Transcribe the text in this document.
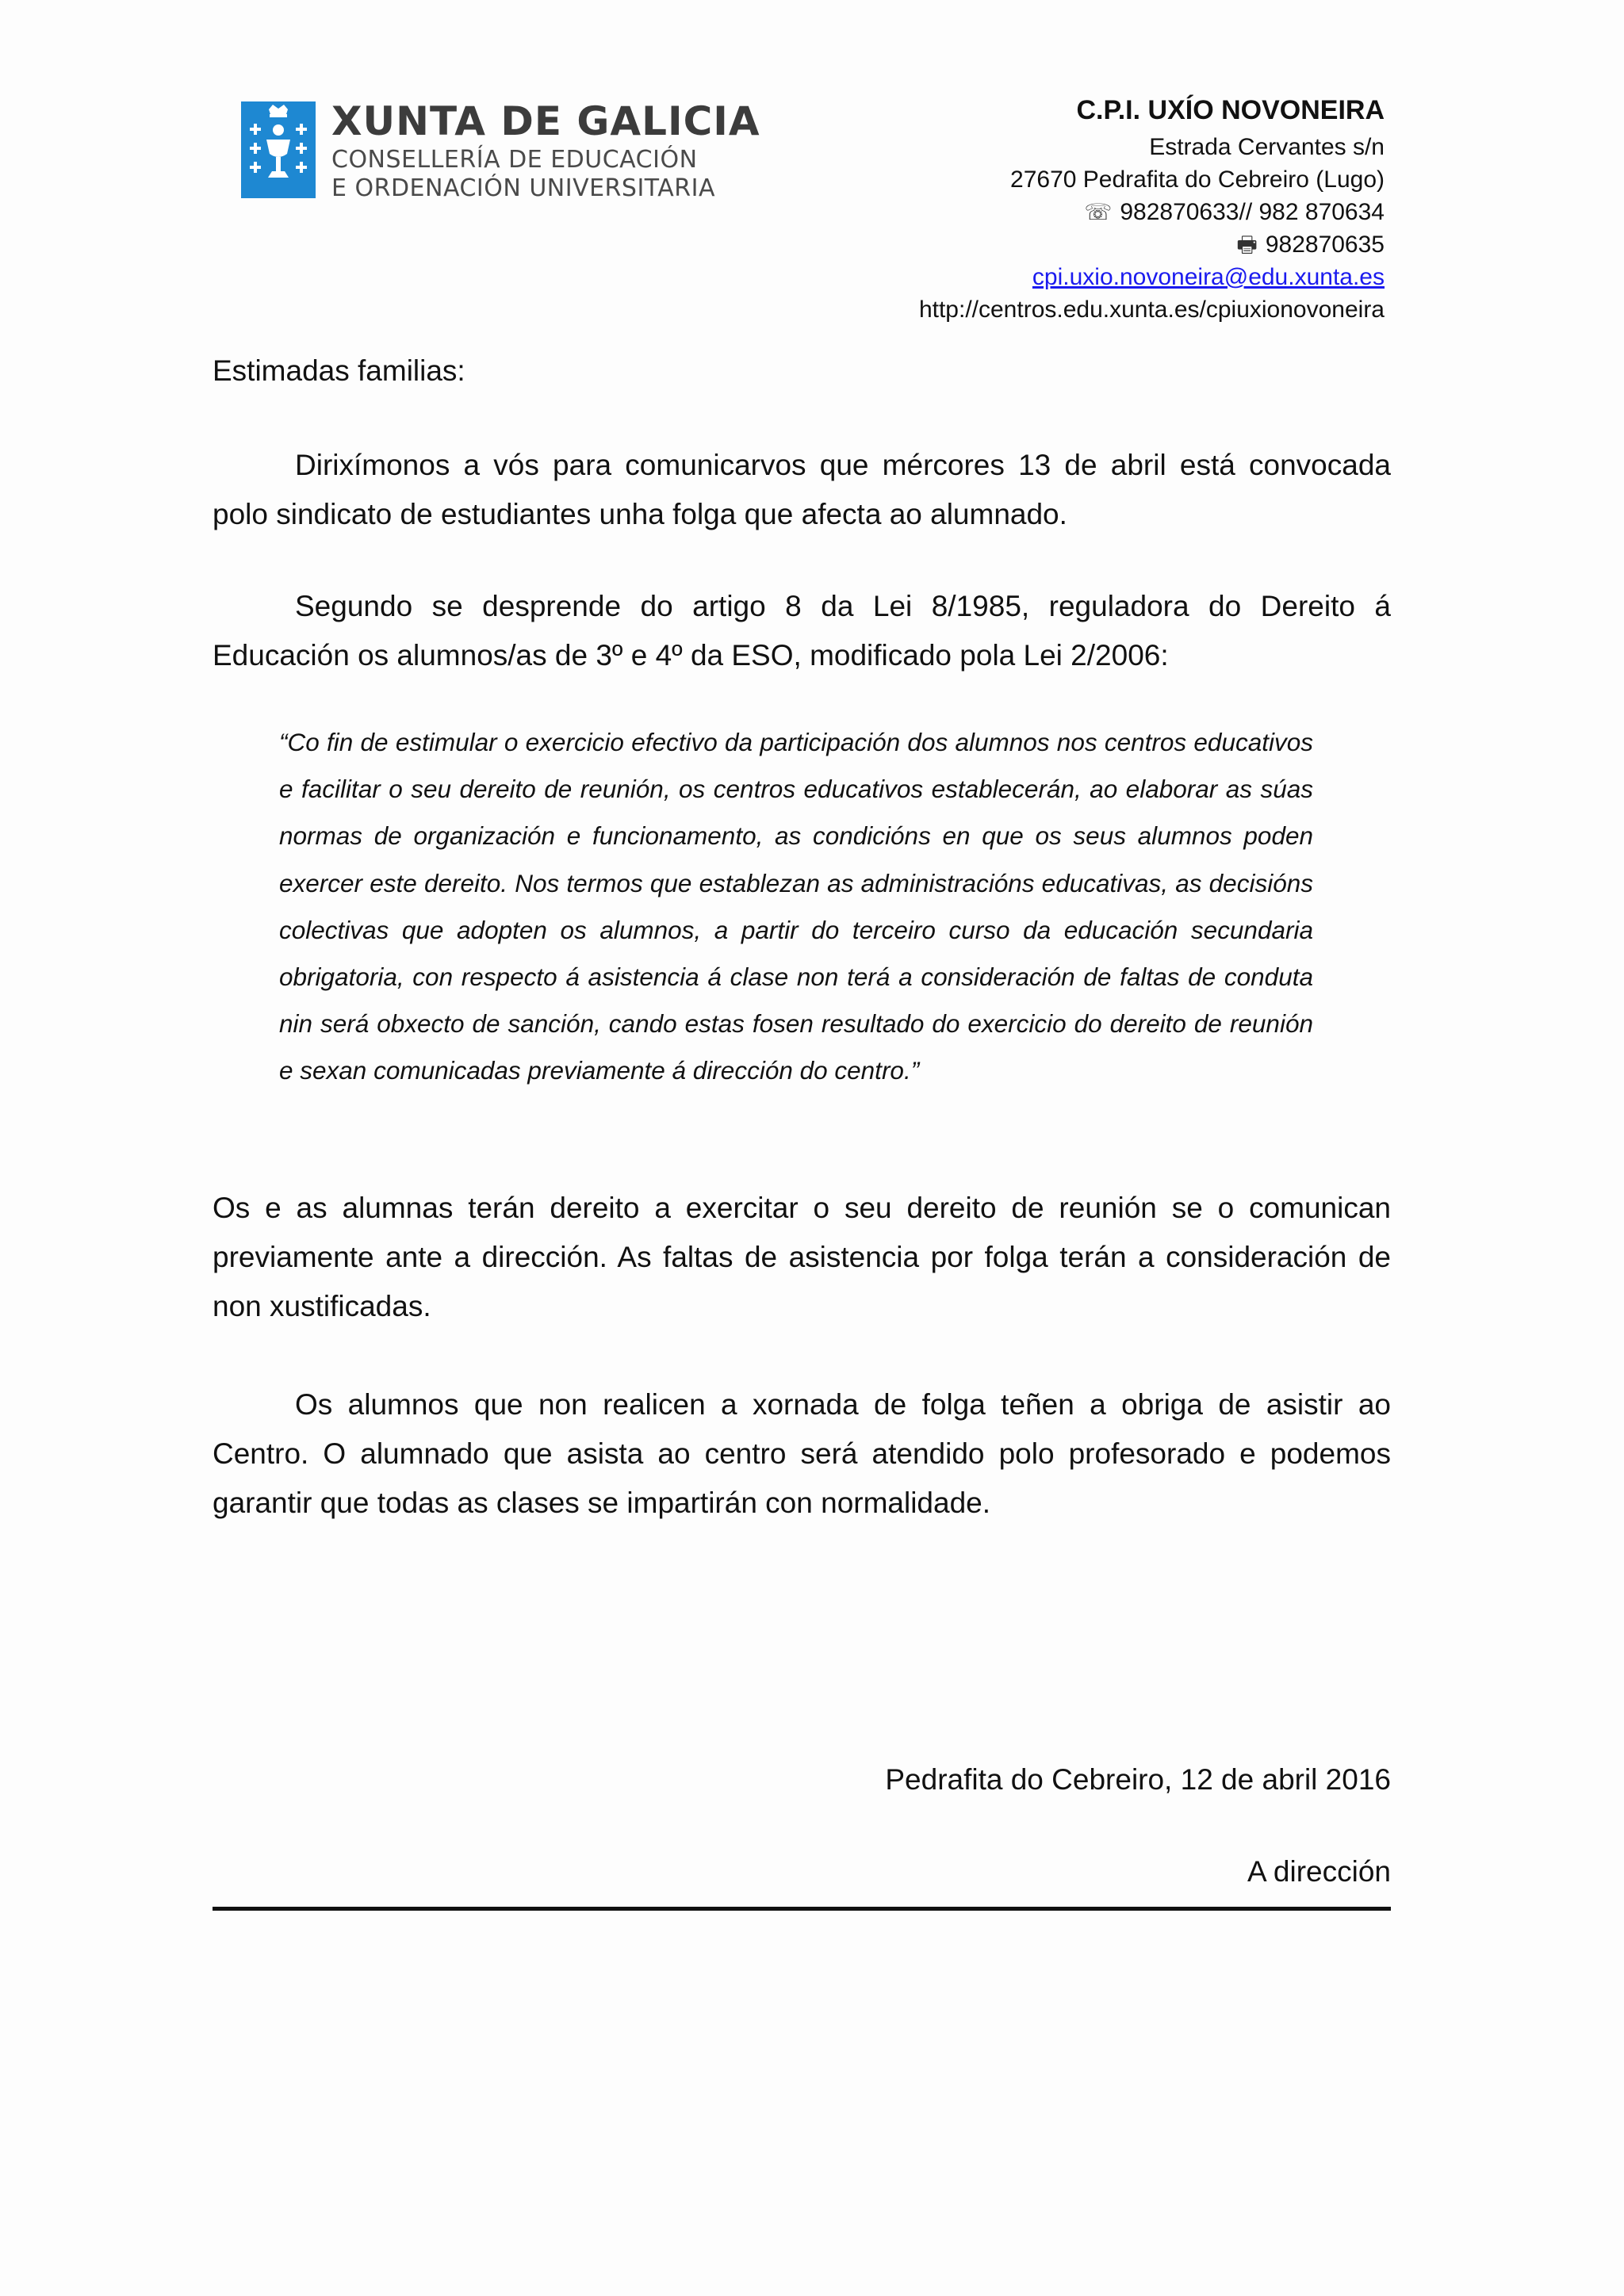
XUNTA DE GALICIA
CONSELLERÍA DE EDUCACIÓN
E ORDENACIÓN UNIVERSITARIA
C.P.I. UXÍO NOVONEIRA
Estrada Cervantes s/n
27670 Pedrafita do Cebreiro (Lugo)
☏ 982870633// 982 870634
🖶 982870635
cpi.uxio.novoneira@edu.xunta.es
http://centros.edu.xunta.es/cpiuxionovoneira
Estimadas familias:
Dirixímonos a vós para comunicarvos que mércores 13 de abril está convocada polo sindicato de estudiantes unha folga que afecta ao alumnado.
Segundo se desprende do artigo 8 da Lei 8/1985, reguladora do Dereito á Educación os alumnos/as de 3º e 4º da ESO, modificado pola Lei 2/2006:
“Co fin de estimular o exercicio efectivo da participación dos alumnos nos centros educativos e facilitar o seu dereito de reunión, os centros educativos establecerán, ao elaborar as súas normas de organización e funcionamento, as condicións en que os seus alumnos poden exercer este dereito. Nos termos que establezan as administracións educativas, as decisións colectivas que adopten os alumnos, a partir do terceiro curso da educación secundaria obrigatoria, con respecto á asistencia á clase non terá a consideración de faltas de conduta nin será obxecto de sanción, cando estas fosen resultado do exercicio do dereito de reunión e sexan comunicadas previamente á dirección do centro.”
Os e as alumnas terán dereito a exercitar o seu dereito de reunión se o comunican previamente ante a dirección. As faltas de asistencia por folga terán a consideración de non xustificadas.
Os alumnos que non realicen a xornada de folga teñen a obriga de asistir ao Centro. O alumnado que asista ao centro será atendido polo profesorado e podemos garantir que todas as clases se impartirán con normalidade.
Pedrafita do Cebreiro, 12 de abril 2016
A dirección
